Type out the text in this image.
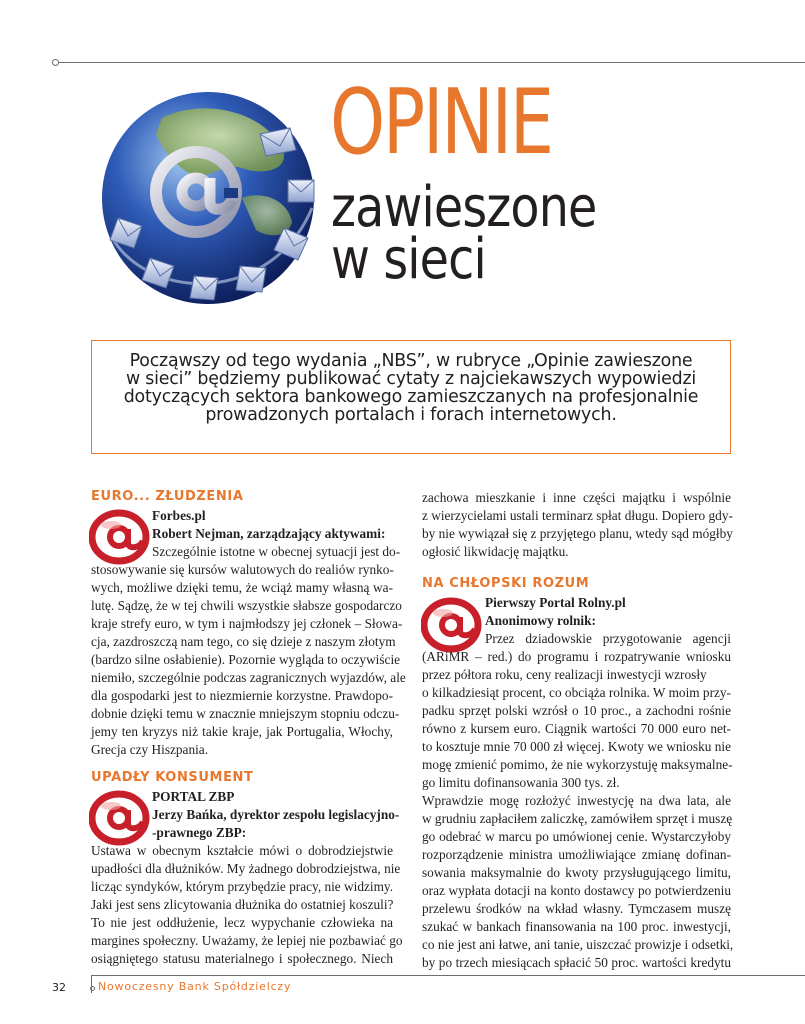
OPINIE
zawieszone
w sieci
Począwszy od tego wydania „NBS”, w rubryce „Opinie zawieszone
w sieci” będziemy publikować cytaty z najciekawszych wypowiedzi
dotyczących sektora bankowego zamieszczanych na profesjonalnie
prowadzonych portalach i forach internetowych.
EURO... ZŁUDZENIA
Forbes.pl
Robert Nejman, zarządzający aktywami:
Szczególnie istotne w obecnej sytuacji jest do-
stosowywanie się kursów walutowych do realiów rynko-
wych, możliwe dzięki temu, że wciąż mamy własną wa-
lutę. Sądzę, że w tej chwili wszystkie słabsze gospodarczo
kraje strefy euro, w tym i najmłodszy jej członek – Słowa-
cja, zazdroszczą nam tego, co się dzieje z naszym złotym
(bardzo silne osłabienie). Pozornie wygląda to oczywiście
niemiło, szczególnie podczas zagranicznych wyjazdów, ale
dla gospodarki jest to niezmiernie korzystne. Prawdopo-
dobnie dzięki temu w znacznie mniejszym stopniu odczu-
jemy ten kryzys niż takie kraje, jak Portugalia, Włochy,
Grecja czy Hiszpania.
UPADŁY KONSUMENT
PORTAL ZBP
Jerzy Bańka, dyrektor zespołu legislacyjno-
-prawnego ZBP:
Ustawa w obecnym kształcie mówi o dobrodziejstwie
upadłości dla dłużników. My żadnego dobrodziejstwa, nie
licząc syndyków, którym przybędzie pracy, nie widzimy.
Jaki jest sens zlicytowania dłużnika do ostatniej koszuli?
To nie jest oddłużenie, lecz wypychanie człowieka na
margines społeczny. Uważamy, że lepiej nie pozbawiać go
osiągniętego statusu materialnego i społecznego. Niech
zachowa mieszkanie i inne części majątku i wspólnie
z wierzycielami ustali terminarz spłat długu. Dopiero gdy-
by nie wywiązał się z przyjętego planu, wtedy sąd mógłby
ogłosić likwidację majątku.
NA CHŁOPSKI ROZUM
Pierwszy Portal Rolny.pl
Anonimowy rolnik:
Przez dziadowskie przygotowanie agencji
(ARiMR – red.) do programu i rozpatrywanie wniosku
przez półtora roku, ceny realizacji inwestycji wzrosły
o kilkadziesiąt procent, co obciąża rolnika. W moim przy-
padku sprzęt polski wzrósł o 10 proc., a zachodni rośnie
równo z kursem euro. Ciągnik wartości 70 000 euro net-
to kosztuje mnie 70 000 zł więcej. Kwoty we wniosku nie
mogę zmienić pomimo, że nie wykorzystuję maksymalne-
go limitu dofinansowania 300 tys. zł.
Wprawdzie mogę rozłożyć inwestycję na dwa lata, ale
w grudniu zapłaciłem zaliczkę, zamówiłem sprzęt i muszę
go odebrać w marcu po umówionej cenie. Wystarczyłoby
rozporządzenie ministra umożliwiające zmianę dofinan-
sowania maksymalnie do kwoty przysługującego limitu,
oraz wypłata dotacji na konto dostawcy po potwierdzeniu
przelewu środków na wkład własny. Tymczasem muszę
szukać w bankach finansowania na 100 proc. inwestycji,
co nie jest ani łatwe, ani tanie, uiszczać prowizje i odsetki,
by po trzech miesiącach spłacić 50 proc. wartości kredytu
32	Nowoczesny Bank Spółdzielczy
